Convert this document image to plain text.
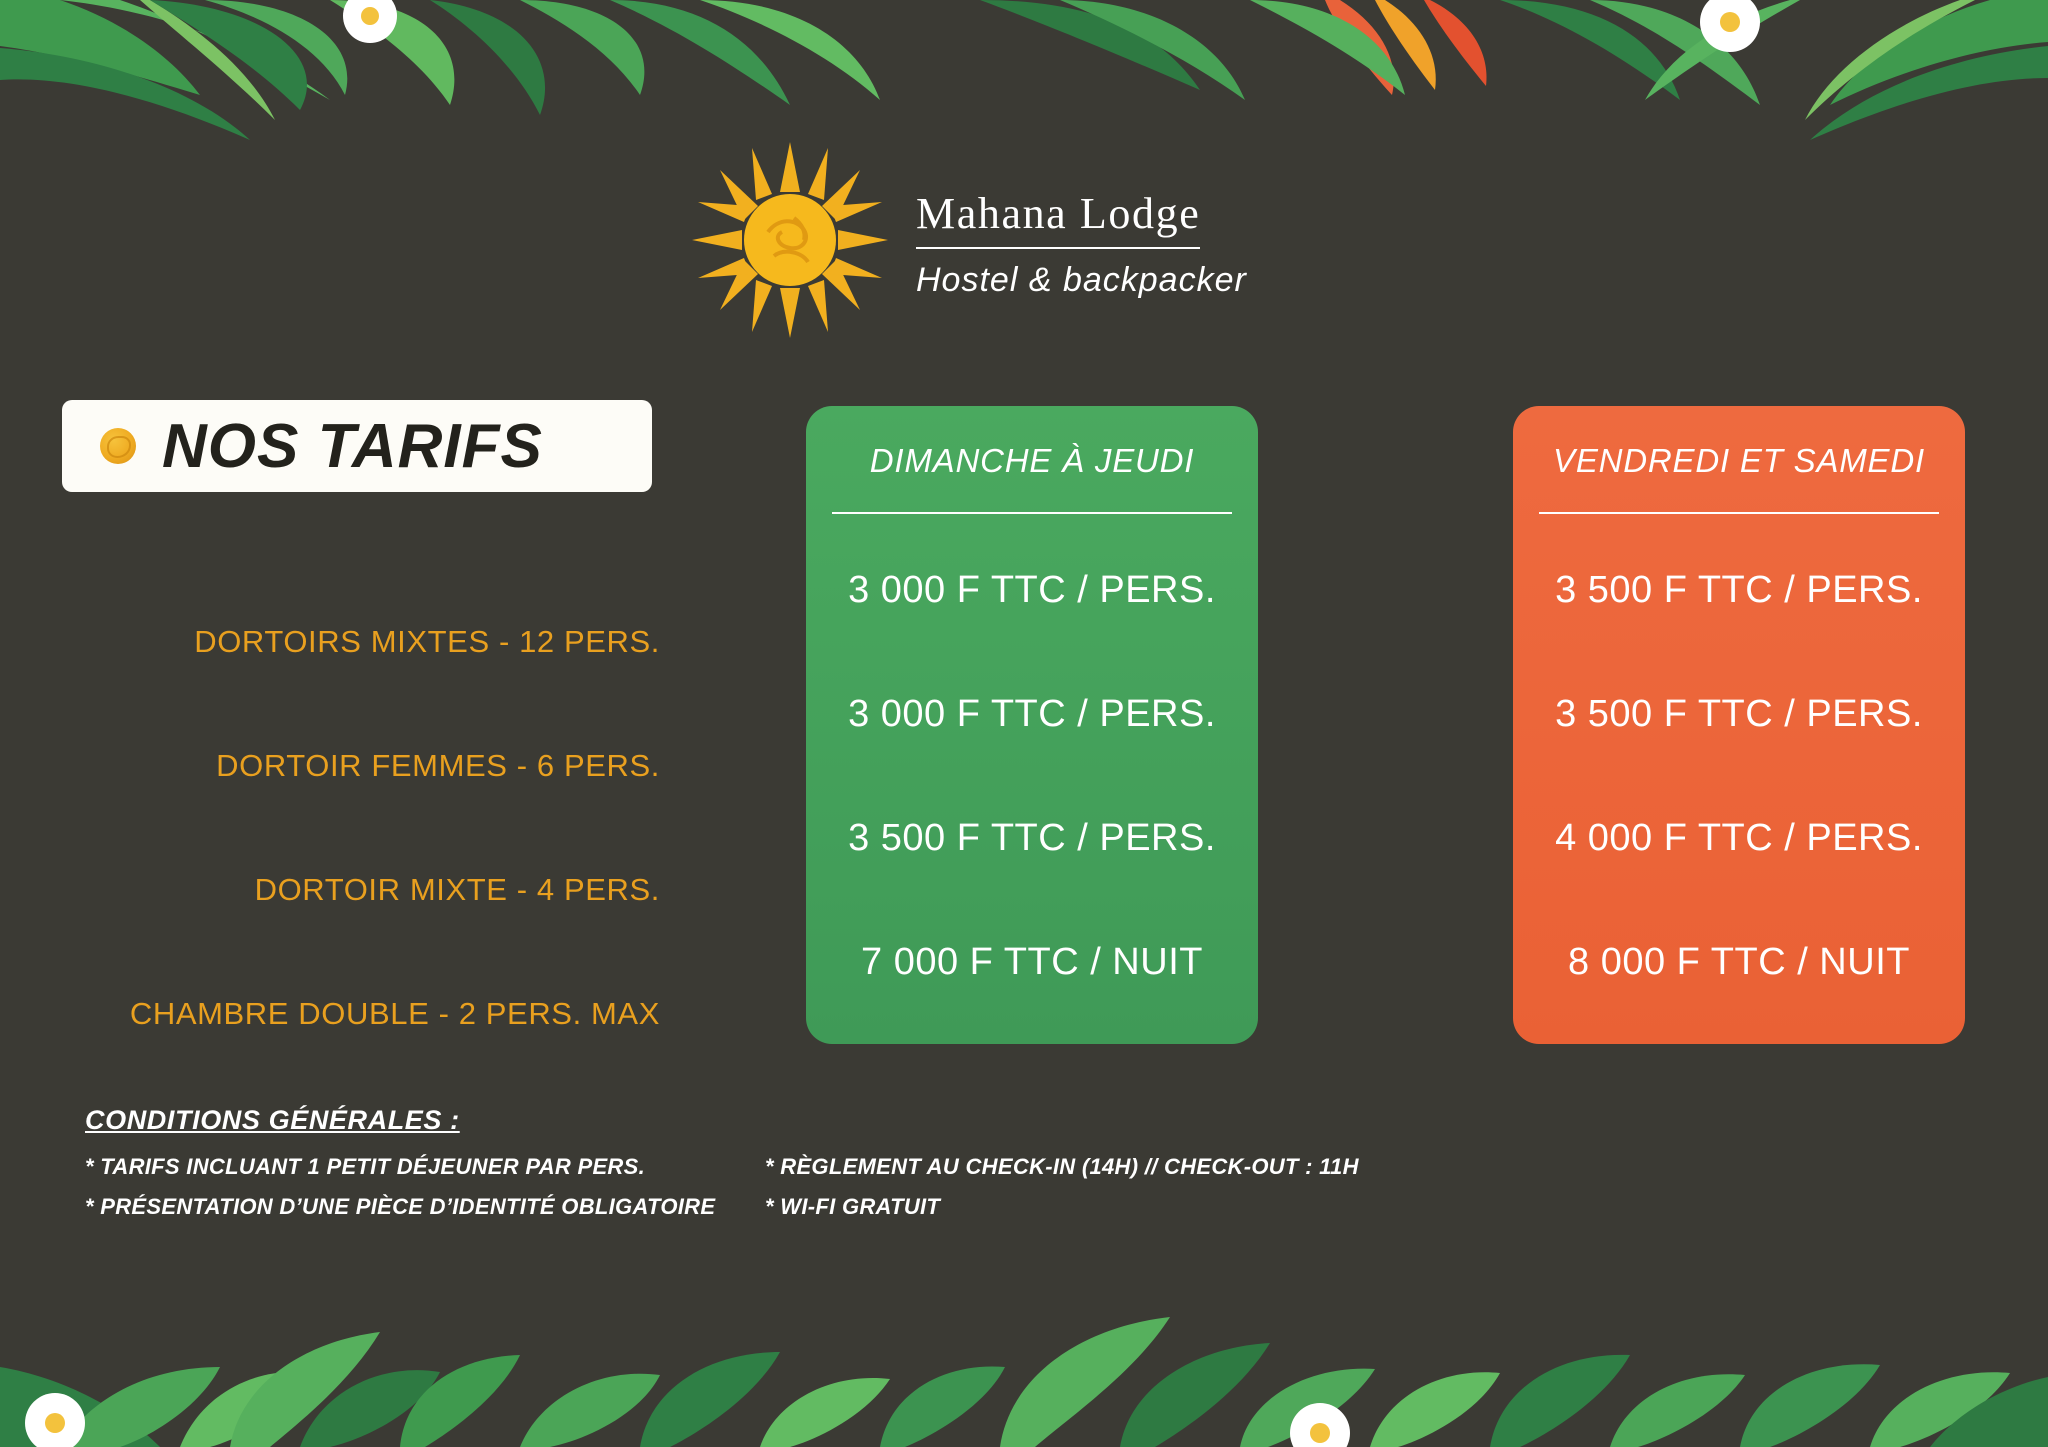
Mahana Lodge
Hostel & backpacker
NOS TARIFS
DORTOIRS MIXTES - 12 PERS.
DORTOIR FEMMES - 6 PERS.
DORTOIR MIXTE - 4 PERS.
CHAMBRE DOUBLE - 2 PERS. MAX
DIMANCHE À JEUDI
3 000 F TTC / PERS.
3 000 F TTC / PERS.
3 500 F TTC / PERS.
7 000 F TTC / NUIT
VENDREDI ET SAMEDI
3 500 F TTC / PERS.
3 500 F TTC / PERS.
4 000 F TTC / PERS.
8 000 F TTC / NUIT
CONDITIONS GÉNÉRALES :
* TARIFS INCLUANT 1 PETIT DÉJEUNER PAR PERS.
* PRÉSENTATION D’UNE PIÈCE D’IDENTITÉ OBLIGATOIRE
* RÈGLEMENT AU CHECK-IN (14H) // CHECK-OUT : 11H
* WI-FI GRATUIT
